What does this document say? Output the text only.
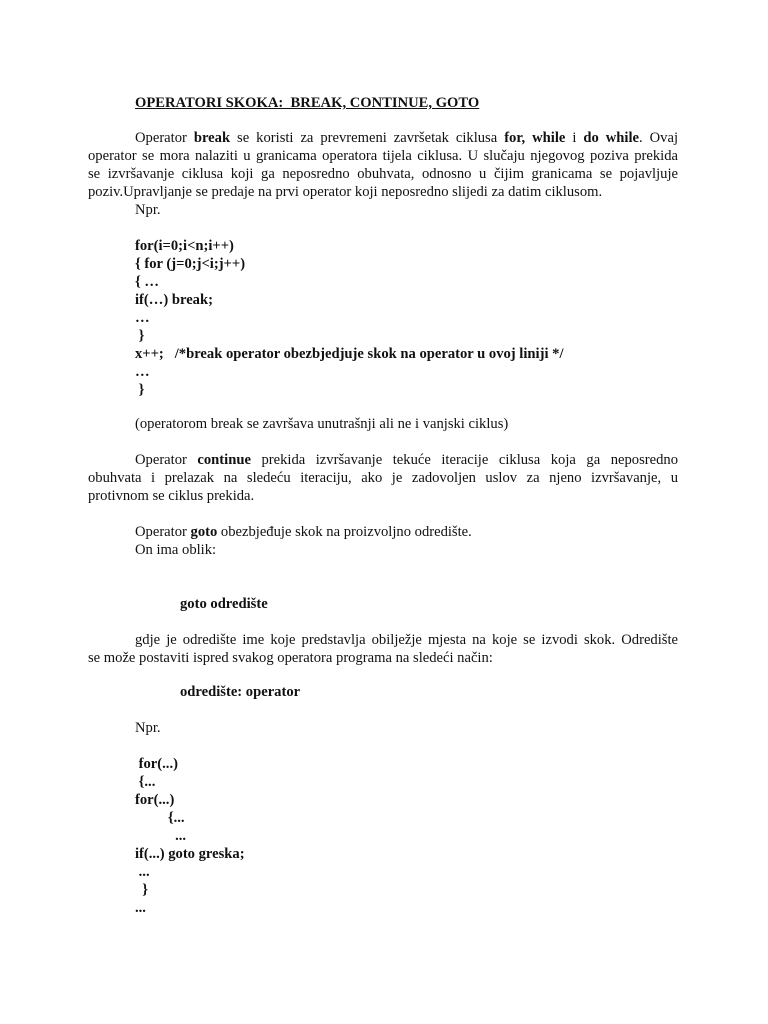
OPERATORI SKOKA:  BREAK, CONTINUE, GOTO
Operator break se koristi za prevremeni završetak ciklusa for, while i do while. Ovaj
operator se mora nalaziti u granicama operatora tijela ciklusa. U slučaju njegovog poziva prekida
se izvršavanje ciklusa koji ga neposredno obuhvata, odnosno u čijim granicama se pojavljuje
poziv.Upravljanje se predaje na prvi operator koji neposredno slijedi za datim ciklusom.
Npr.
for(i=0;i<n;i++)
{ for (j=0;j<i;j++)
{ …
if(…) break;
…
}
x++;   /*break operator obezbjedjuje skok na operator u ovoj liniji */
…
}
(operatorom break se završava unutrašnji ali ne i vanjski ciklus)
Operator continue prekida izvršavanje tekuće iteracije ciklusa koja ga neposredno
obuhvata i prelazak na sledeću iteraciju, ako je zadovoljen uslov za njeno izvršavanje, u
protivnom se ciklus prekida.
Operator goto obezbjeđuje skok na proizvoljno odredište.
On ima oblik:
goto odredište
gdje je odredište ime koje predstavlja obilježje mjesta na koje se izvodi skok. Odredište
se može postaviti ispred svakog operatora programa na sledeći način:
odredište: operator
Npr.
for(...)
{...
for(...)
{...
...
if(...) goto greska;
...
}
...
